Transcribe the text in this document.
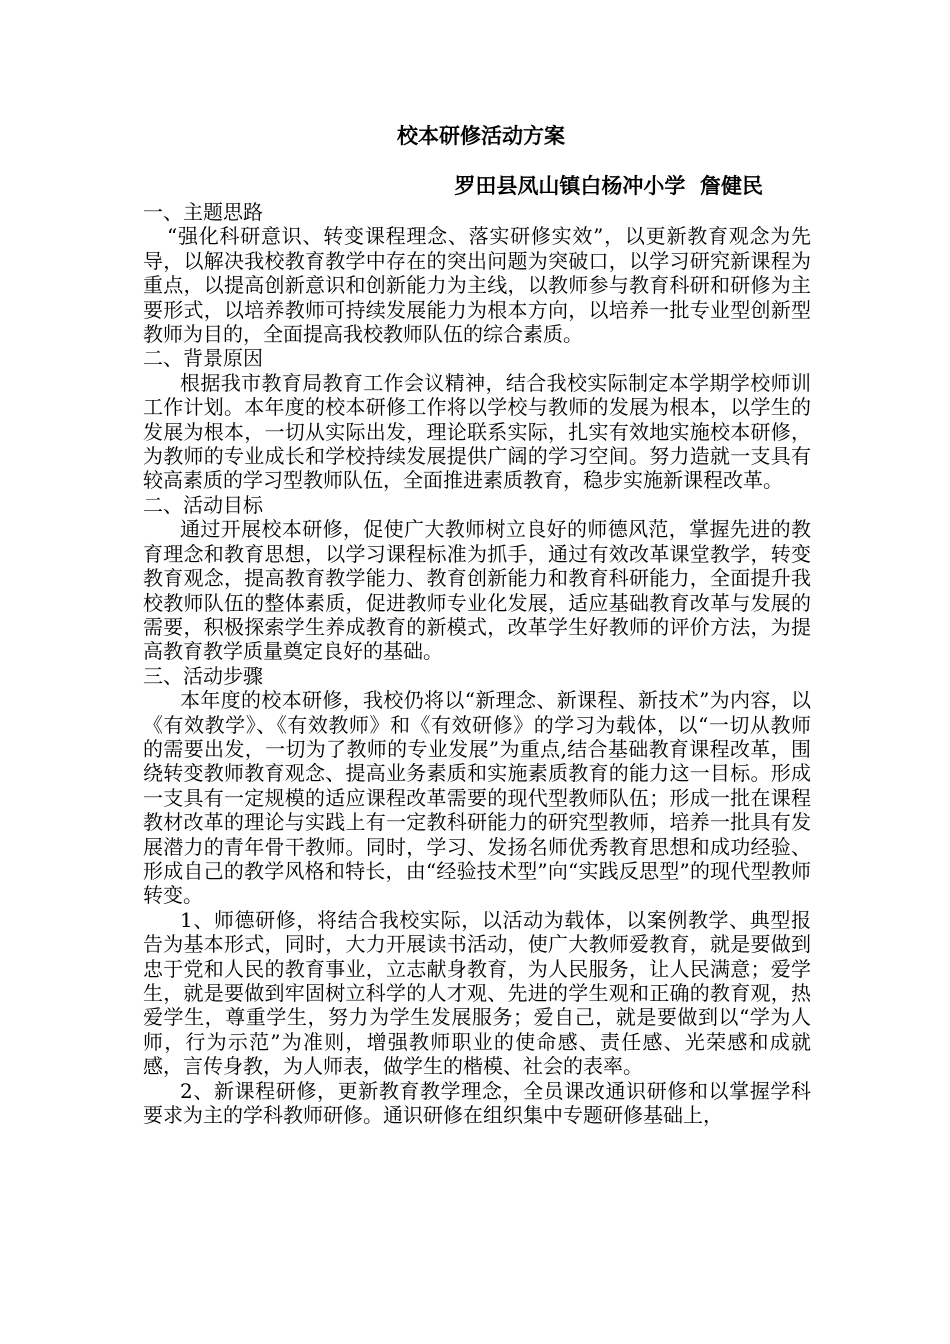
校本研修活动方案

罗田县凤山镇白杨冲小学  詹健民

一、主题思路

“强化科研意识、转变课程理念、落实研修实效”，以更新教育观念为先导，以解决我校教育教学中存在的突出问题为突破口，以学习研究新课程为重点，以提高创新意识和创新能力为主线，以教师参与教育科研和研修为主要形式，以培养教师可持续发展能力为根本方向，以培养一批专业型创新型教师为目的，全面提高我校教师队伍的综合素质。

二、背景原因

根据我市教育局教育工作会议精神，结合我校实际制定本学期学校师训工作计划。本年度的校本研修工作将以学校与教师的发展为根本，以学生的发展为根本，一切从实际出发，理论联系实际，扎实有效地实施校本研修，为教师的专业成长和学校持续发展提供广阔的学习空间。努力造就一支具有较高素质的学习型教师队伍，全面推进素质教育，稳步实施新课程改革。

二、活动目标

通过开展校本研修，促使广大教师树立良好的师德风范，掌握先进的教育理念和教育思想，以学习课程标准为抓手，通过有效改革课堂教学，转变教育观念，提高教育教学能力、教育创新能力和教育科研能力，全面提升我校教师队伍的整体素质，促进教师专业化发展，适应基础教育改革与发展的需要，积极探索学生养成教育的新模式，改革学生好教师的评价方法，为提高教育教学质量奠定良好的基础。

三、活动步骤

本年度的校本研修，我校仍将以“新理念、新课程、新技术”为内容，以《有效教学》、《有效教师》和《有效研修》的学习为载体，以“一切从教师的需要出发，一切为了教师的专业发展”为重点,结合基础教育课程改革，围绕转变教师教育观念、提高业务素质和实施素质教育的能力这一目标。形成一支具有一定规模的适应课程改革需要的现代型教师队伍；形成一批在课程教材改革的理论与实践上有一定教科研能力的研究型教师，培养一批具有发展潜力的青年骨干教师。同时，学习、发扬名师优秀教育思想和成功经验、形成自己的教学风格和特长，由“经验技术型”向“实践反思型”的现代型教师转变。

1、师德研修，将结合我校实际，以活动为载体，以案例教学、典型报告为基本形式，同时，大力开展读书活动，使广大教师爱教育，就是要做到忠于党和人民的教育事业，立志献身教育，为人民服务，让人民满意；爱学生，就是要做到牢固树立科学的人才观、先进的学生观和正确的教育观，热爱学生，尊重学生，努力为学生发展服务；爱自己，就是要做到以“学为人师，行为示范”为准则，增强教师职业的使命感、责任感、光荣感和成就感，言传身教，为人师表，做学生的楷模、社会的表率。

2、新课程研修，更新教育教学理念，全员课改通识研修和以掌握学科要求为主的学科教师研修。通识研修在组织集中专题研修基础上，
